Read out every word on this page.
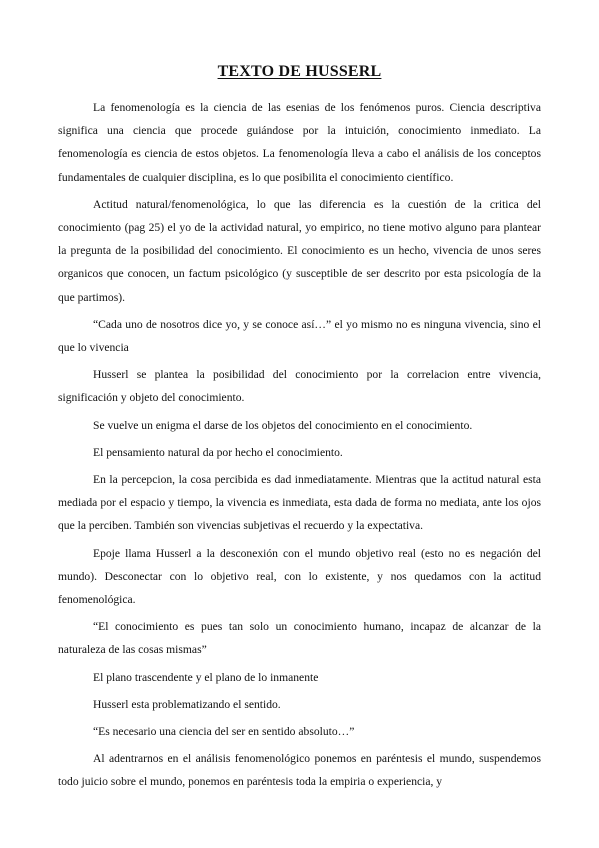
TEXTO DE HUSSERL

La fenomenología es la ciencia de las esenias de los fenómenos puros. Ciencia descriptiva significa una ciencia que procede guiándose por la intuición, conocimiento inmediato. La fenomenología es ciencia de estos objetos. La fenomenología lleva a cabo el análisis de los conceptos fundamentales de cualquier disciplina, es lo que posibilita el conocimiento científico.

Actitud natural/fenomenológica, lo que las diferencia es la cuestión de la critica del conocimiento (pag 25) el yo de la actividad natural, yo empirico, no tiene motivo alguno para plantear la pregunta de la posibilidad del conocimiento. El conocimiento es un hecho, vivencia de unos seres organicos que conocen, un factum psicológico (y susceptible de ser descrito por esta psicología de la que partimos).

“Cada uno de nosotros dice yo, y se conoce así…” el yo mismo no es ninguna vivencia, sino el que lo vivencia

Husserl se plantea la posibilidad del conocimiento por la correlacion entre vivencia, significación y objeto del conocimiento.

Se vuelve un enigma el darse de los objetos del conocimiento en el conocimiento.

El pensamiento natural da por hecho el conocimiento.

En la percepcion, la cosa percibida es dad inmediatamente. Mientras que la actitud natural esta mediada por el espacio y tiempo, la vivencia es inmediata, esta dada de forma no mediata, ante los ojos que la perciben. También son vivencias subjetivas el recuerdo y la expectativa.

Epoje llama Husserl a la desconexión con el mundo objetivo real (esto no es negación del mundo). Desconectar con lo objetivo real, con lo existente, y nos quedamos con la actitud fenomenológica.

“El conocimiento es pues tan solo un conocimiento humano, incapaz de alcanzar de la naturaleza de las cosas mismas”

El plano trascendente y el plano de lo inmanente

Husserl esta problematizando el sentido.

“Es necesario una ciencia del ser en sentido absoluto…”

Al adentrarnos en el análisis fenomenológico ponemos en paréntesis el mundo, suspendemos todo juicio sobre el mundo, ponemos en paréntesis toda la empiria o experiencia, y
